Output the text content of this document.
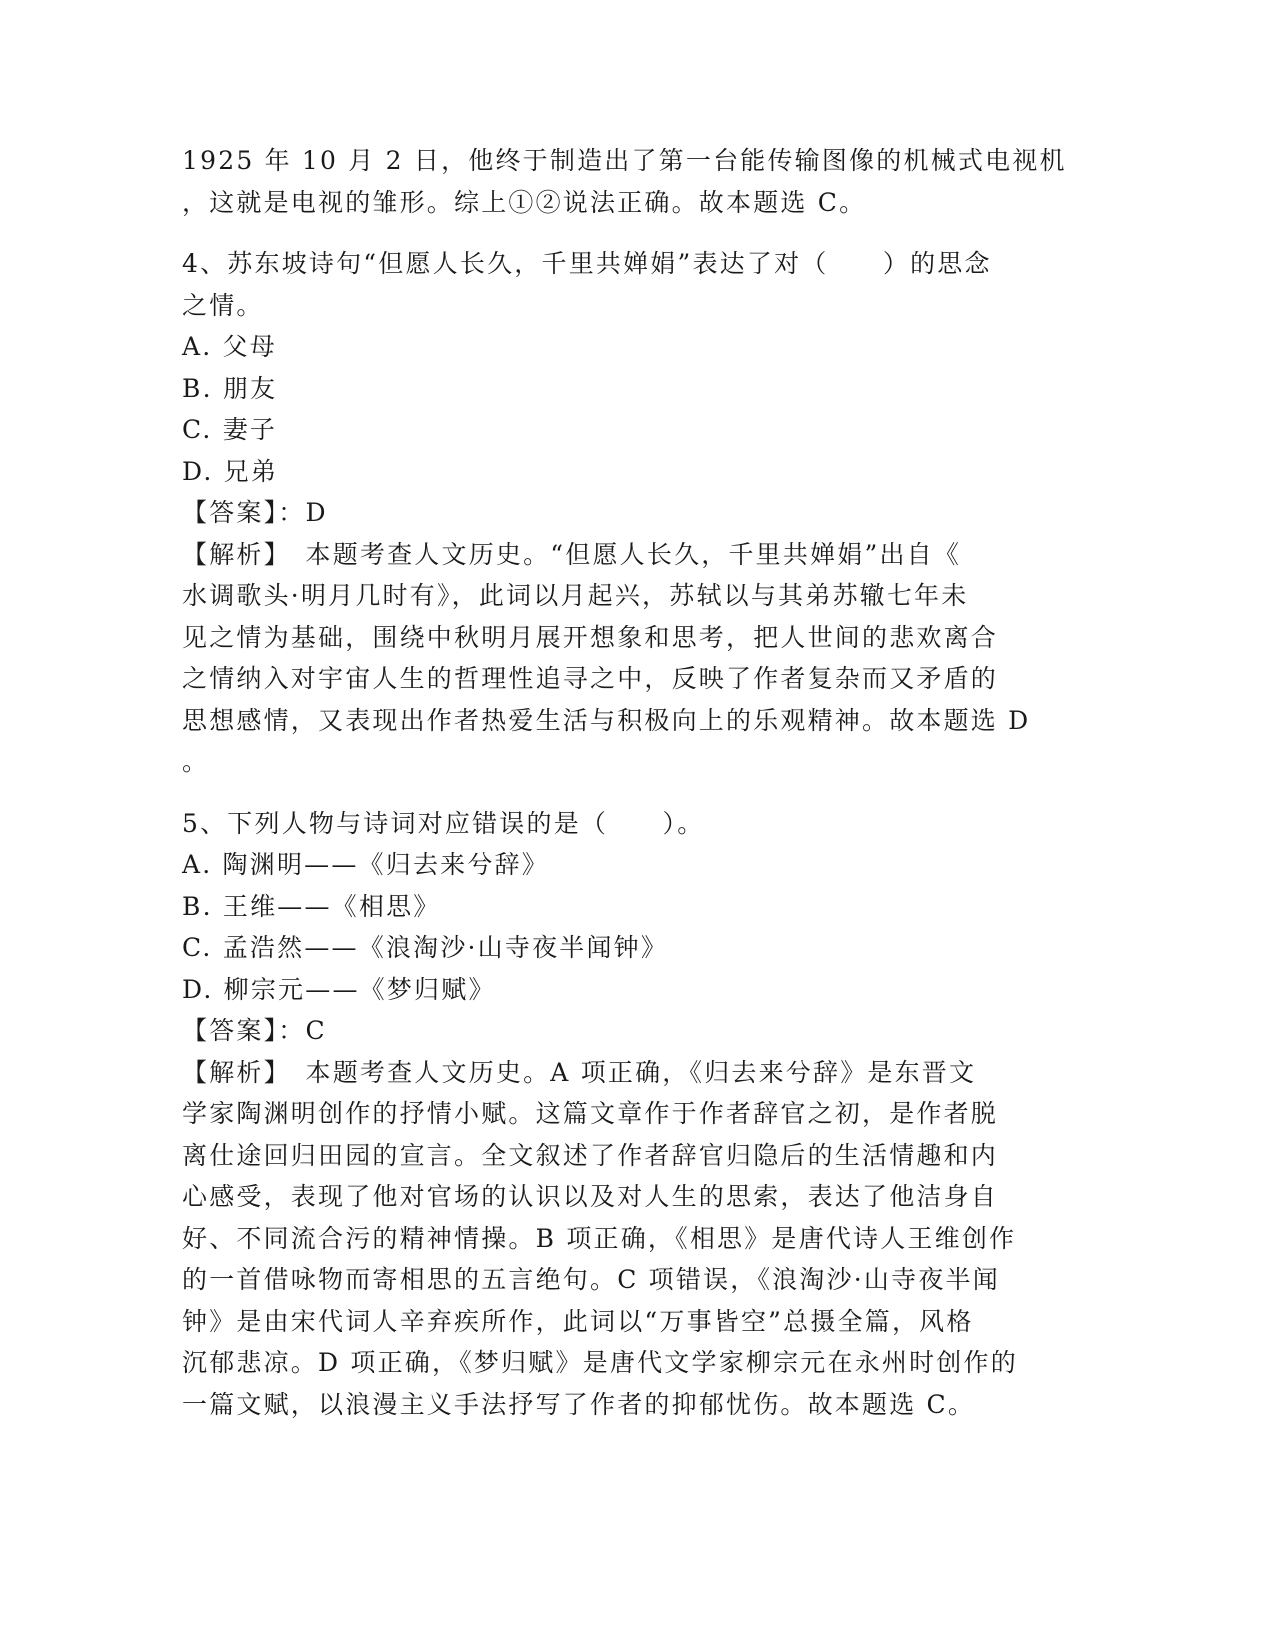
1925 年 10 月 2 日，他终于制造出了第一台能传输图像的机械式电视机
，这就是电视的雏形。综上①②说法正确。故本题选 C。
4、苏东坡诗句“但愿人长久，千里共婵娟”表达了对（　　）的思念
之情。
A. 父母
B. 朋友
C. 妻子
D. 兄弟
【答案】：D
【解析】　本题考查人文历史。“但愿人长久，千里共婵娟”出自《
水调歌头·明月几时有》，此词以月起兴，苏轼以与其弟苏辙七年未
见之情为基础，围绕中秋明月展开想象和思考，把人世间的悲欢离合
之情纳入对宇宙人生的哲理性追寻之中，反映了作者复杂而又矛盾的
思想感情，又表现出作者热爱生活与积极向上的乐观精神。故本题选 D
。
5、下列人物与诗词对应错误的是（　　）。
A. 陶渊明——《归去来兮辞》
B. 王维——《相思》
C. 孟浩然——《浪淘沙·山寺夜半闻钟》
D. 柳宗元——《梦归赋》
【答案】：C
【解析】　本题考查人文历史。A 项正确，《归去来兮辞》是东晋文
学家陶渊明创作的抒情小赋。这篇文章作于作者辞官之初，是作者脱
离仕途回归田园的宣言。全文叙述了作者辞官归隐后的生活情趣和内
心感受，表现了他对官场的认识以及对人生的思索，表达了他洁身自
好、不同流合污的精神情操。B 项正确，《相思》是唐代诗人王维创作
的一首借咏物而寄相思的五言绝句。C 项错误，《浪淘沙·山寺夜半闻
钟》是由宋代词人辛弃疾所作，此词以“万事皆空”总摄全篇，风格
沉郁悲凉。D 项正确，《梦归赋》是唐代文学家柳宗元在永州时创作的
一篇文赋，以浪漫主义手法抒写了作者的抑郁忧伤。故本题选 C。
